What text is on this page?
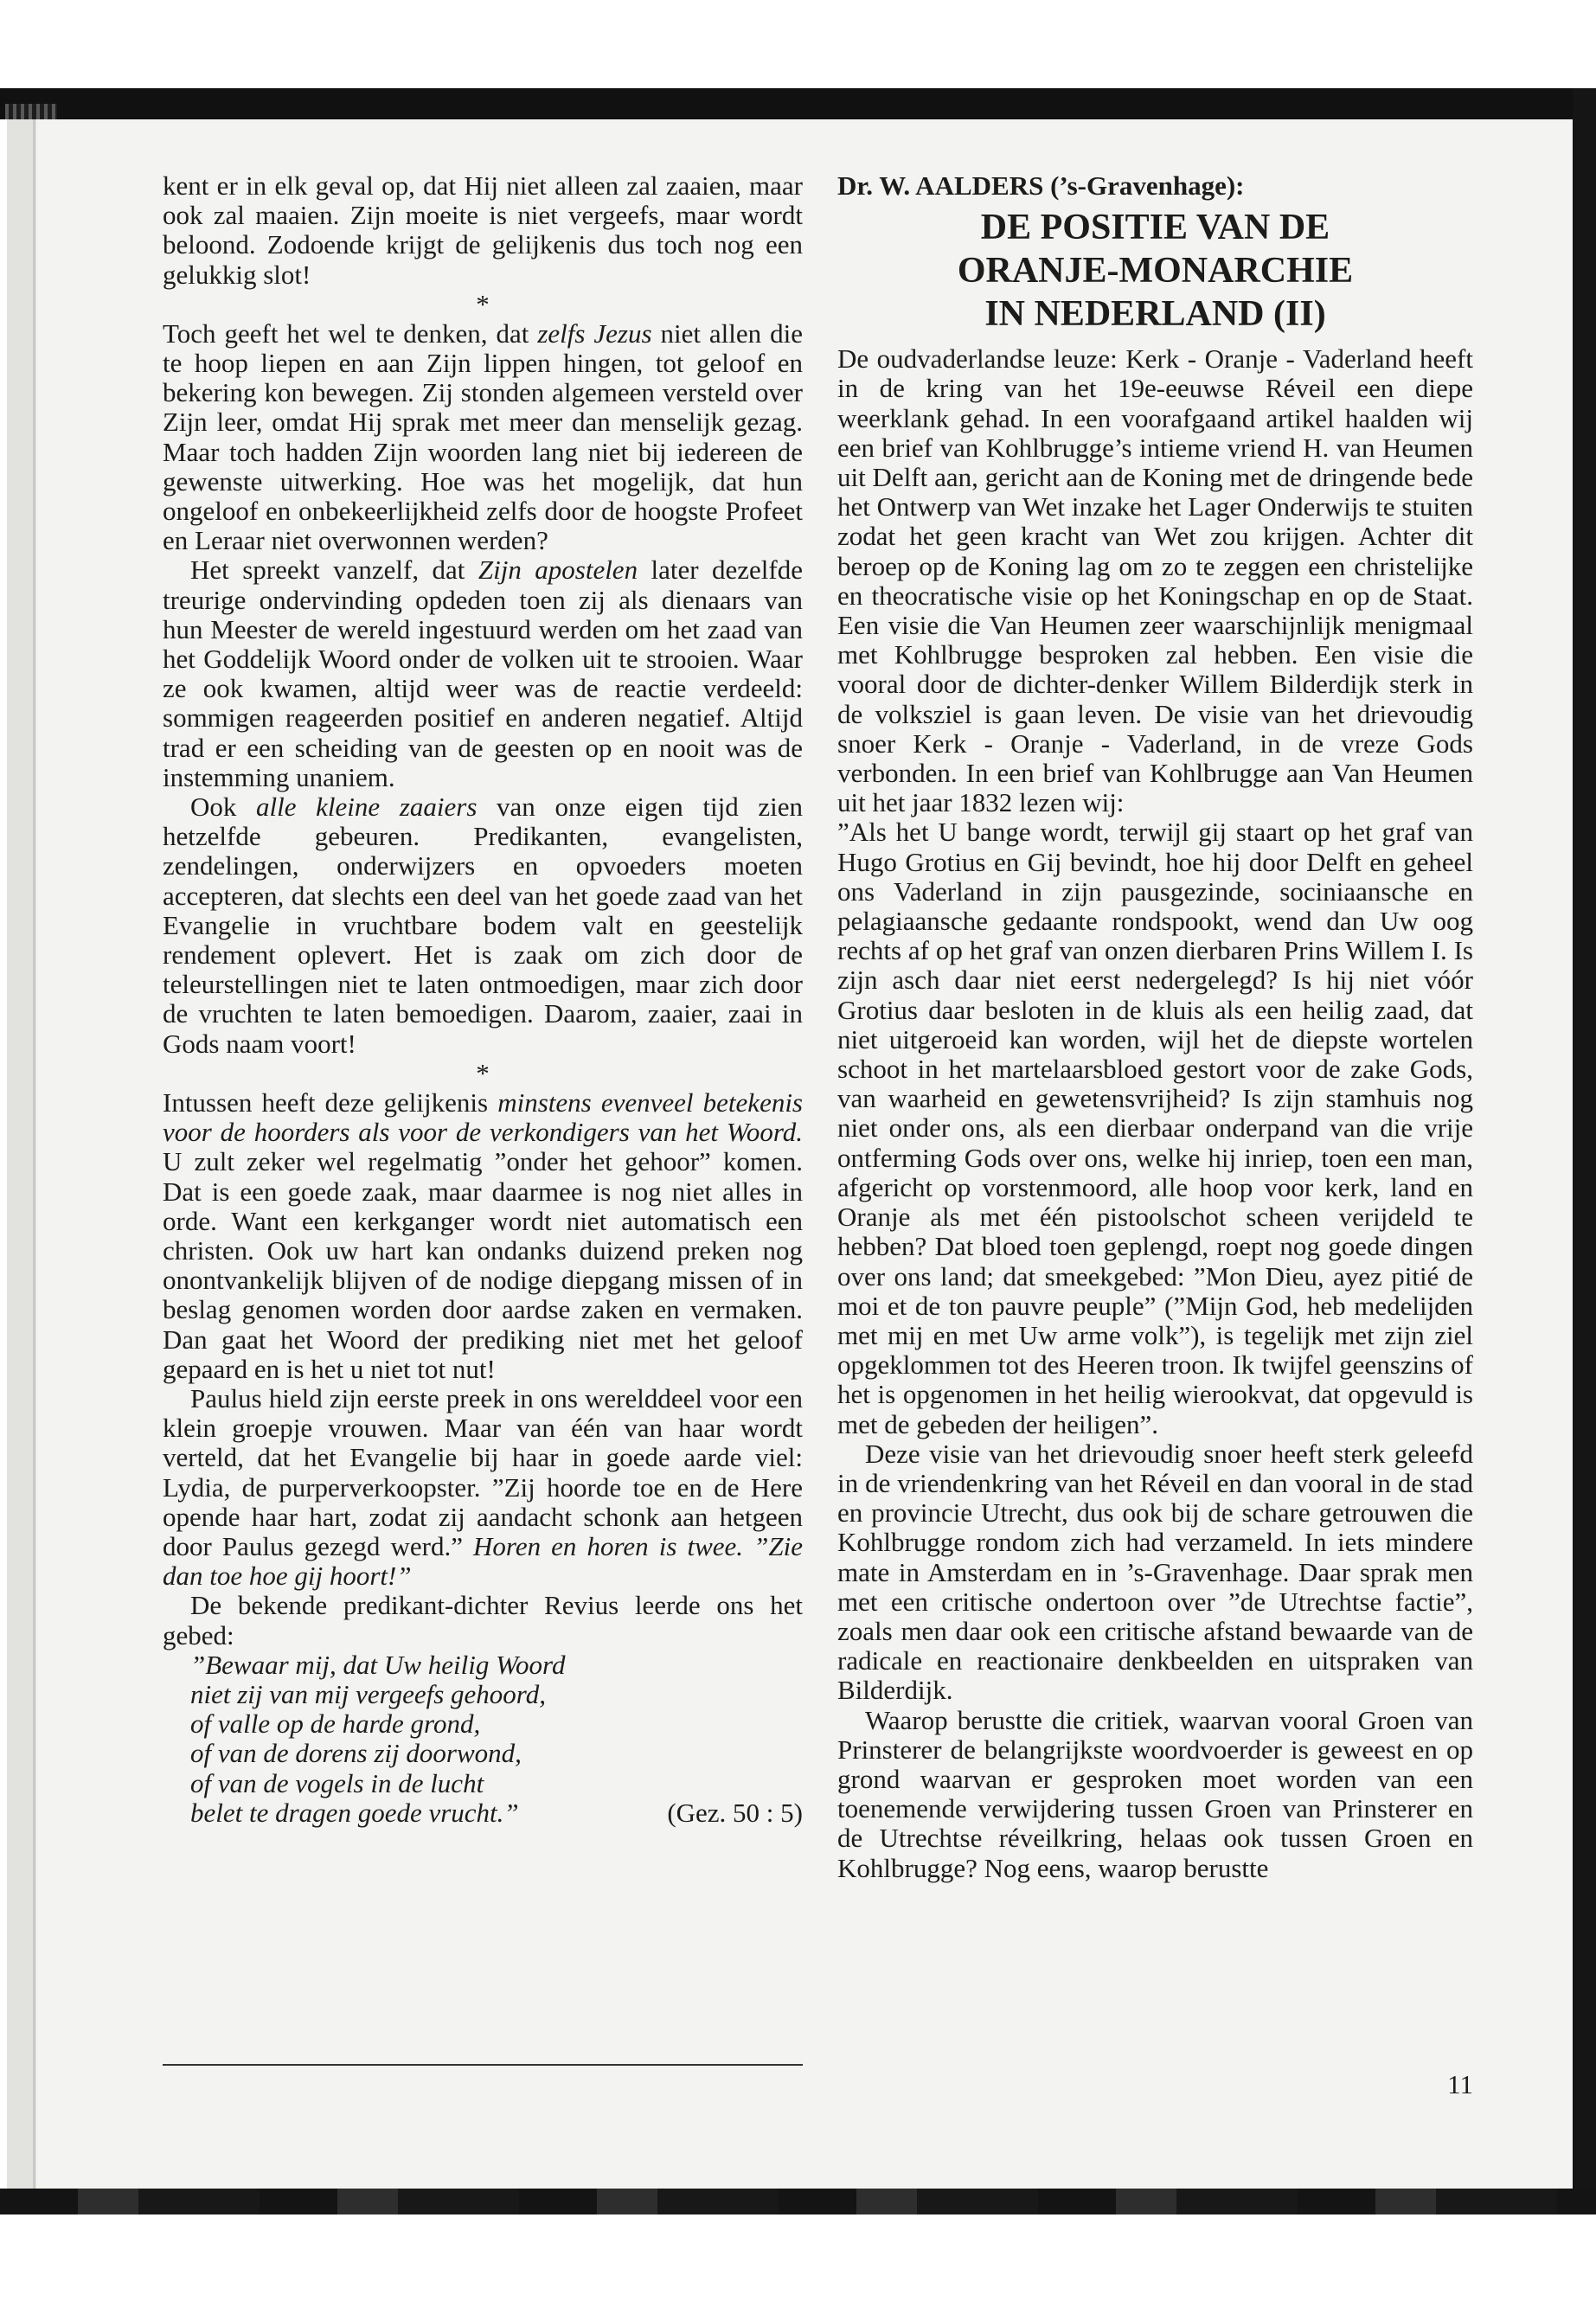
kent er in elk geval op, dat Hij niet alleen zal zaaien, maar ook zal maaien. Zijn moeite is niet vergeefs, maar wordt beloond. Zodoende krijgt de gelijkenis dus toch nog een gelukkig slot!

*

Toch geeft het wel te denken, dat zelfs Jezus niet allen die te hoop liepen en aan Zijn lippen hingen, tot geloof en bekering kon bewegen. Zij stonden algemeen versteld over Zijn leer, omdat Hij sprak met meer dan menselijk gezag. Maar toch hadden Zijn woorden lang niet bij iedereen de gewenste uitwerking. Hoe was het mogelijk, dat hun ongeloof en onbekeerlijkheid zelfs door de hoogste Profeet en Leraar niet overwonnen werden?

Het spreekt vanzelf, dat Zijn apostelen later dezelfde treurige ondervinding opdeden toen zij als dienaars van hun Meester de wereld ingestuurd werden om het zaad van het Goddelijk Woord onder de volken uit te strooien. Waar ze ook kwamen, altijd weer was de reactie verdeeld: sommigen reageerden positief en anderen negatief. Altijd trad er een scheiding van de geesten op en nooit was de instemming unaniem.

Ook alle kleine zaaiers van onze eigen tijd zien hetzelfde gebeuren. Predikanten, evangelisten, zendelingen, onderwijzers en opvoeders moeten accepteren, dat slechts een deel van het goede zaad van het Evangelie in vruchtbare bodem valt en geestelijk rendement oplevert. Het is zaak om zich door de teleurstellingen niet te laten ontmoedigen, maar zich door de vruchten te laten bemoedigen. Daarom, zaaier, zaai in Gods naam voort!

*

Intussen heeft deze gelijkenis minstens evenveel betekenis voor de hoorders als voor de verkondigers van het Woord. U zult zeker wel regelmatig ”onder het gehoor” komen. Dat is een goede zaak, maar daarmee is nog niet alles in orde. Want een kerkganger wordt niet automatisch een christen. Ook uw hart kan ondanks duizend preken nog onontvankelijk blijven of de nodige diepgang missen of in beslag genomen worden door aardse zaken en vermaken. Dan gaat het Woord der prediking niet met het geloof gepaard en is het u niet tot nut!

Paulus hield zijn eerste preek in ons werelddeel voor een klein groepje vrouwen. Maar van één van haar wordt verteld, dat het Evangelie bij haar in goede aarde viel: Lydia, de purperverkoopster. ”Zij hoorde toe en de Here opende haar hart, zodat zij aandacht schonk aan hetgeen door Paulus gezegd werd.” Horen en horen is twee. ”Zie dan toe hoe gij hoort!”

De bekende predikant-dichter Revius leerde ons het gebed:

”Bewaar mij, dat Uw heilig Woord
niet zij van mij vergeefs gehoord,
of valle op de harde grond,
of van de dorens zij doorwond,
of van de vogels in de lucht
belet te dragen goede vrucht.”	(Gez. 50 : 5)

Dr. W. AALDERS (’s-Gravenhage):

DE POSITIE VAN DE
ORANJE-MONARCHIE
IN NEDERLAND (II)

De oudvaderlandse leuze: Kerk - Oranje - Vaderland heeft in de kring van het 19e-eeuwse Réveil een diepe weerklank gehad. In een voorafgaand artikel haalden wij een brief van Kohlbrugge’s intieme vriend H. van Heumen uit Delft aan, gericht aan de Koning met de dringende bede het Ontwerp van Wet inzake het Lager Onderwijs te stuiten zodat het geen kracht van Wet zou krijgen. Achter dit beroep op de Koning lag om zo te zeggen een christelijke en theocratische visie op het Koningschap en op de Staat. Een visie die Van Heumen zeer waarschijnlijk menigmaal met Kohlbrugge besproken zal hebben. Een visie die vooral door de dichter-denker Willem Bilderdijk sterk in de volksziel is gaan leven. De visie van het drievoudig snoer Kerk - Oranje - Vaderland, in de vreze Gods verbonden. In een brief van Kohlbrugge aan Van Heumen uit het jaar 1832 lezen wij:

”Als het U bange wordt, terwijl gij staart op het graf van Hugo Grotius en Gij bevindt, hoe hij door Delft en geheel ons Vaderland in zijn pausgezinde, sociniaansche en pelagiaansche gedaante rondspookt, wend dan Uw oog rechts af op het graf van onzen dierbaren Prins Willem I. Is zijn asch daar niet eerst nedergelegd? Is hij niet vóór Grotius daar besloten in de kluis als een heilig zaad, dat niet uitgeroeid kan worden, wijl het de diepste wortelen schoot in het martelaarsbloed gestort voor de zake Gods, van waarheid en gewetensvrijheid? Is zijn stamhuis nog niet onder ons, als een dierbaar onderpand van die vrije ontferming Gods over ons, welke hij inriep, toen een man, afgericht op vorstenmoord, alle hoop voor kerk, land en Oranje als met één pistoolschot scheen verijdeld te hebben? Dat bloed toen geplengd, roept nog goede dingen over ons land; dat smeekgebed: ”Mon Dieu, ayez pitié de moi et de ton pauvre peuple” (”Mijn God, heb medelijden met mij en met Uw arme volk”), is tegelijk met zijn ziel opgeklommen tot des Heeren troon. Ik twijfel geenszins of het is opgenomen in het heilig wierookvat, dat opgevuld is met de gebeden der heiligen”.

Deze visie van het drievoudig snoer heeft sterk geleefd in de vriendenkring van het Réveil en dan vooral in de stad en provincie Utrecht, dus ook bij de schare getrouwen die Kohlbrugge rondom zich had verzameld. In iets mindere mate in Amsterdam en in ’s-Gravenhage. Daar sprak men met een critische ondertoon over ”de Utrechtse factie”, zoals men daar ook een critische afstand bewaarde van de radicale en reactionaire denkbeelden en uitspraken van Bilderdijk.

Waarop berustte die critiek, waarvan vooral Groen van Prinsterer de belangrijkste woordvoerder is geweest en op grond waarvan er gesproken moet worden van een toenemende verwijdering tussen Groen van Prinsterer en de Utrechtse réveilkring, helaas ook tussen Groen en Kohlbrugge? Nog eens, waarop berustte

11
